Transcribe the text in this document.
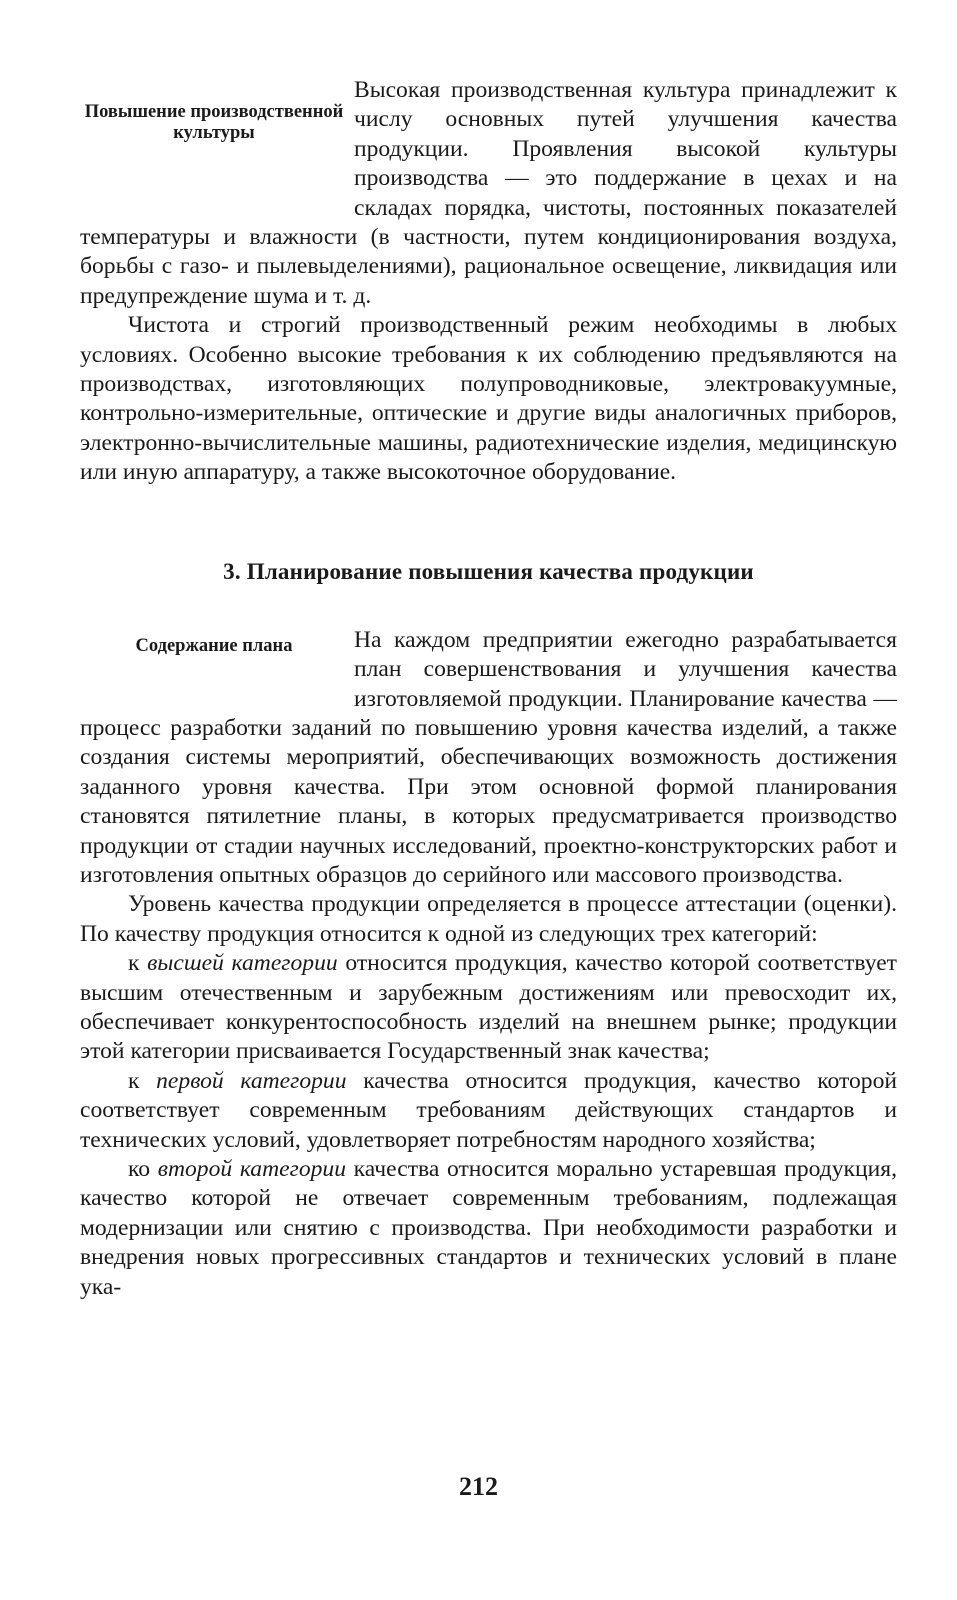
Повышение производственной культуры

Высокая производственная культура принадлежит к числу основных путей улучшения качества продукции. Проявления высокой культуры производства — это поддержание в цехах и на складах порядка, чистоты, постоянных показателей температуры и влажности (в частности, путем кондиционирования воздуха, борьбы с газо- и пылевыделениями), рациональное освещение, ликвидация или предупреждение шума и т. д.

Чистота и строгий производственный режим необходимы в любых условиях. Особенно высокие требования к их соблюдению предъявляются на производствах, изготовляющих полупроводниковые, электровакуумные, контрольно-измерительные, оптические и другие виды аналогичных приборов, электронно-вычислительные машины, радиотехнические изделия, медицинскую или иную аппаратуру, а также высокоточное оборудование.

3. Планирование повышения качества продукции
Содержание плана	На каждом предприятии ежегодно разрабатывается план совершенствования и улучшения качества изготовляемой продукции. Планирование качества — процесс разработки заданий по повышению уровня качества изделий, а также создания системы мероприятий, обеспечивающих возможность достижения заданного уровня качества. При этом основной формой планирования становятся пятилетние планы, в которых предусматривается производство продукции от стадии научных исследований, проектно-конструкторских работ и изготовления опытных образцов до серийного или массового производства.

Уровень качества продукции определяется в процессе аттестации (оценки). По качеству продукция относится к одной из следующих трех категорий:

к высшей категории относится продукция, качество которой соответствует высшим отечественным и зарубежным достижениям или превосходит их, обеспечивает конкурентоспособность изделий на внешнем рынке; продукции этой категории присваивается Государственный знак качества;

к первой категории качества относится продукция, качество которой соответствует современным требованиям действующих стандартов и технических условий, удовлетворяет потребностям народного хозяйства;

ко второй категории качества относится морально устаревшая продукция, качество которой не отвечает современным требованиям, подлежащая модернизации или снятию с производства. При необходимости разработки и внедрения новых прогрессивных стандартов и технических условий в плане ука-

212
